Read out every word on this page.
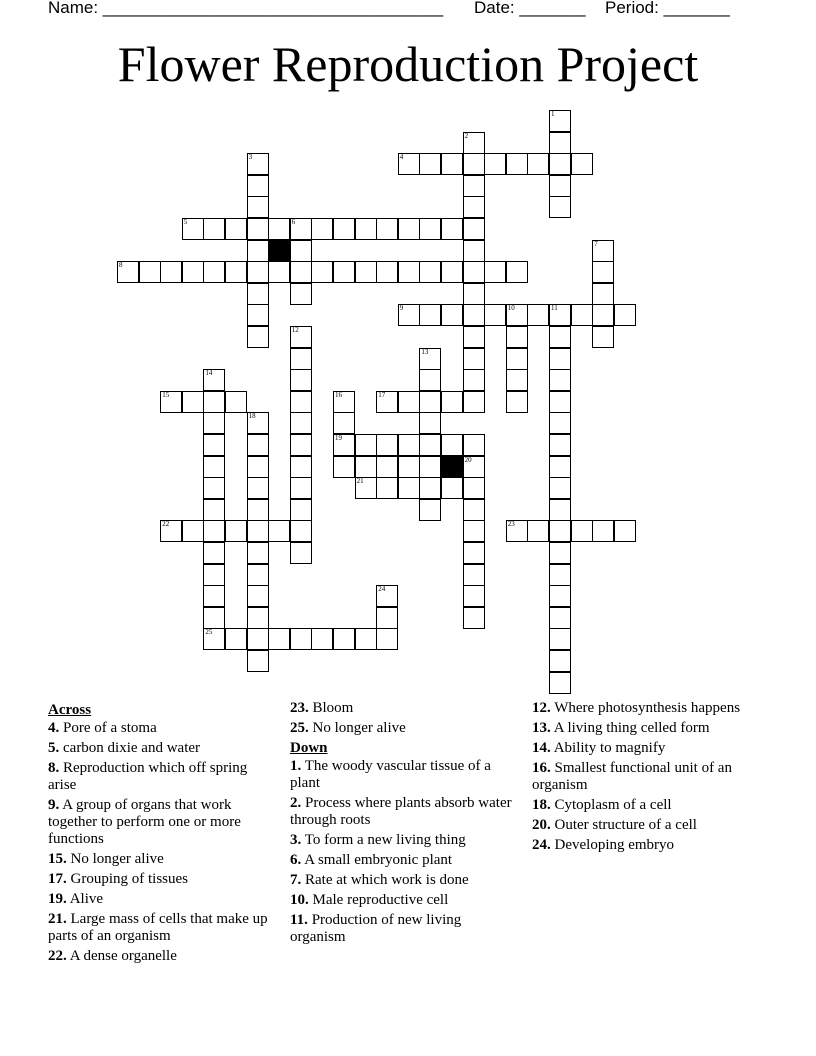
Name: ____________________________________ Date: _______ Period: _______
Flower Reproduction Project
1
2
3	4
5	6
7
8
9	10	11
12
13
14
25
15	16
19
17
18
20
21
22	23
24
Across
4. Pore of a stoma
5. carbon dixie and water
8. Reproduction which off spring arise
9. A group of organs that work together to perform one or more functions
15. No longer alive
17. Grouping of tissues
19. Alive
21. Large mass of cells that make up parts of an organism
22. A dense organelle
23. Bloom
25. No longer alive
Down
1. The woody vascular tissue of a plant
2. Process where plants absorb water through roots
3. To form a new living thing
6. A small embryonic plant
7. Rate at which work is done
10. Male reproductive cell
11. Production of new living organism
12. Where photosynthesis happens
13. A living thing celled form
14. Ability to magnify
16. Smallest functional unit of an organism
18. Cytoplasm of a cell
20. Outer structure of a cell
24. Developing embryo
